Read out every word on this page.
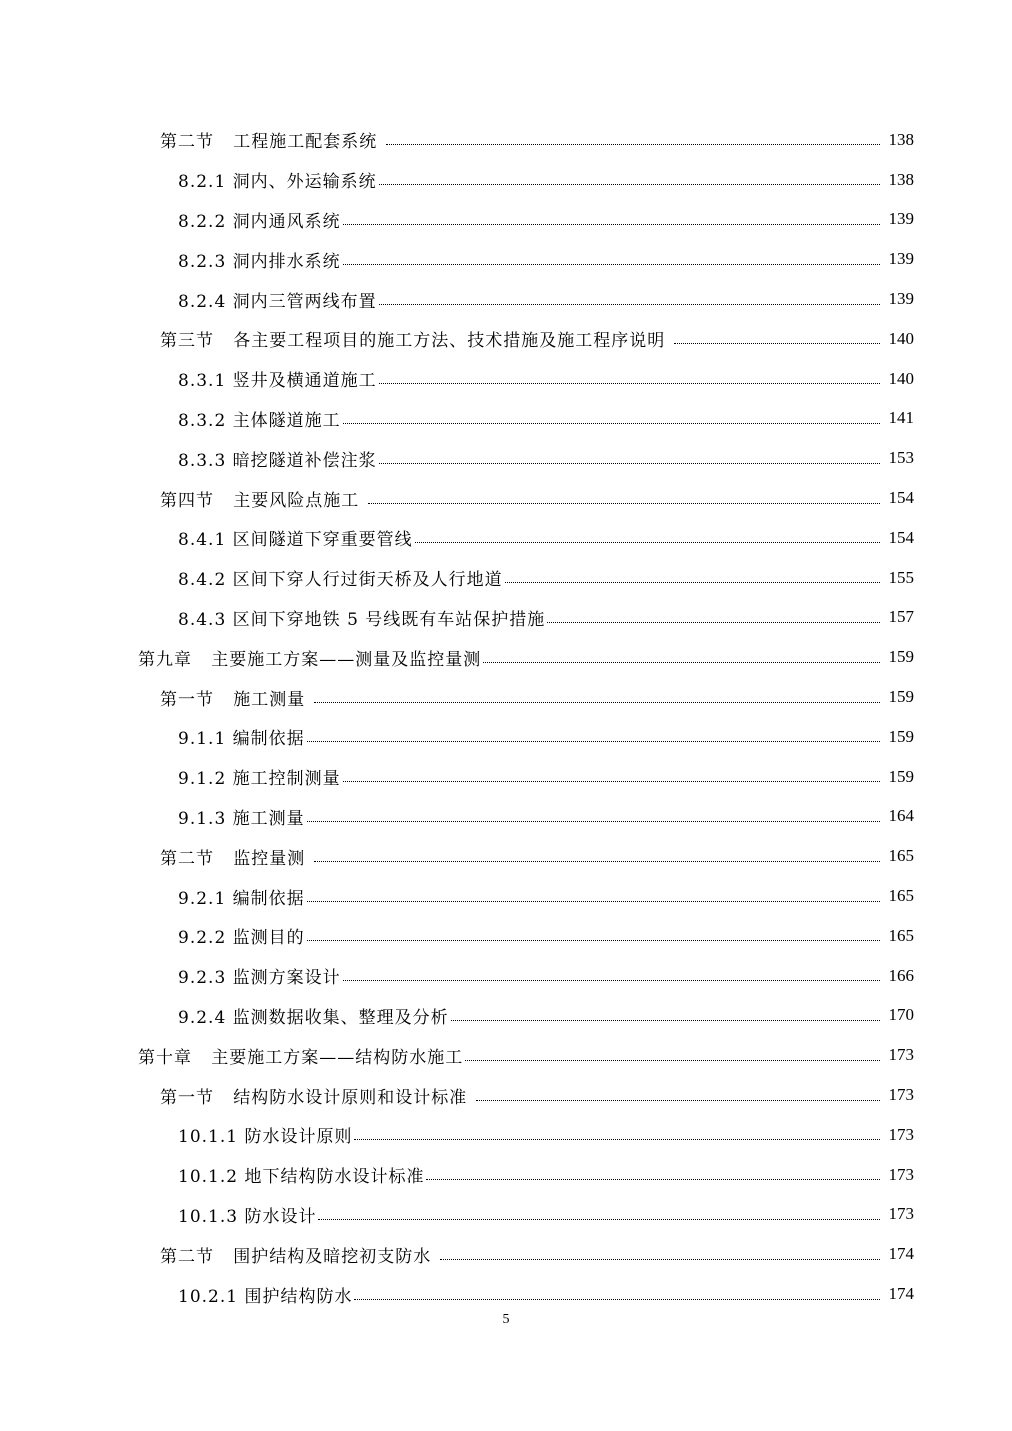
第二节   工程施工配套系统	138
8.2.1 洞内、外运输系统	138
8.2.2 洞内通风系统	139
8.2.3 洞内排水系统	139
8.2.4 洞内三管两线布置	139
第三节   各主要工程项目的施工方法、技术措施及施工程序说明	140
8.3.1 竖井及横通道施工	140
8.3.2 主体隧道施工	141
8.3.3 暗挖隧道补偿注浆	153
第四节   主要风险点施工	154
8.4.1 区间隧道下穿重要管线	154
8.4.2 区间下穿人行过街天桥及人行地道	155
8.4.3 区间下穿地铁 5 号线既有车站保护措施	157
第九章   主要施工方案——测量及监控量测	159
第一节   施工测量	159
9.1.1 编制依据	159
9.1.2 施工控制测量	159
9.1.3 施工测量	164
第二节   监控量测	165
9.2.1 编制依据	165
9.2.2 监测目的	165
9.2.3 监测方案设计	166
9.2.4 监测数据收集、整理及分析	170
第十章   主要施工方案——结构防水施工	173
第一节   结构防水设计原则和设计标准	173
10.1.1 防水设计原则	173
10.1.2 地下结构防水设计标准	173
10.1.3 防水设计	173
第二节   围护结构及暗挖初支防水	174
10.2.1 围护结构防水	174
5
